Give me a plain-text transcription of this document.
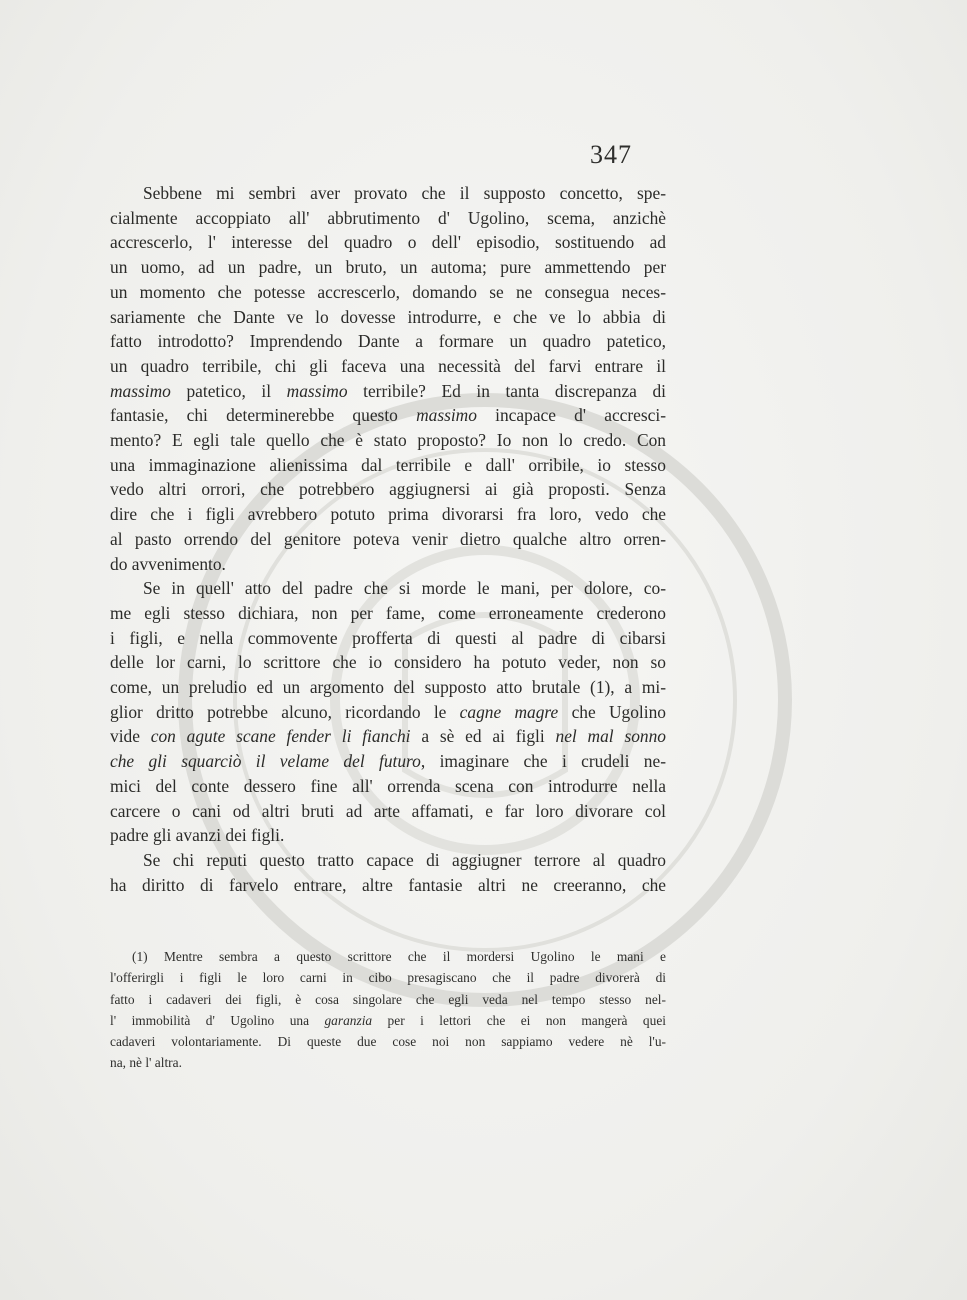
347
Sebbene mi sembri aver provato che il supposto concetto, spe-
cialmente accoppiato all' abbrutimento d' Ugolino, scema, anzichè
accrescerlo, l' interesse del quadro o dell' episodio, sostituendo ad
un uomo, ad un padre, un bruto, un automa; pure ammettendo per
un momento che potesse accrescerlo, domando se ne consegua neces-
sariamente che Dante ve lo dovesse introdurre, e che ve lo abbia di
fatto introdotto? Imprendendo Dante a formare un quadro patetico,
un quadro terribile, chi gli faceva una necessità del farvi entrare il
massimo patetico, il massimo terribile? Ed in tanta discrepanza di
fantasie, chi determinerebbe questo massimo incapace d' accresci-
mento? E egli tale quello che è stato proposto? Io non lo credo. Con
una immaginazione alienissima dal terribile e dall' orribile, io stesso
vedo altri orrori, che potrebbero aggiugnersi ai già proposti. Senza
dire che i figli avrebbero potuto prima divorarsi fra loro, vedo che
al pasto orrendo del genitore poteva venir dietro qualche altro orren-
do avvenimento.
Se in quell' atto del padre che si morde le mani, per dolore, co-
me egli stesso dichiara, non per fame, come erroneamente crederono
i figli, e nella commovente profferta di questi al padre di cibarsi
delle lor carni, lo scrittore che io considero ha potuto veder, non so
come, un preludio ed un argomento del supposto atto brutale (1), a mi-
glior dritto potrebbe alcuno, ricordando le cagne magre che Ugolino
vide con agute scane fender li fianchi a sè ed ai figli nel mal sonno
che gli squarciò il velame del futuro, imaginare che i crudeli ne-
mici del conte dessero fine all' orrenda scena con introdurre nella
carcere o cani od altri bruti ad arte affamati, e far loro divorare col
padre gli avanzi dei figli.
Se chi reputi questo tratto capace di aggiugner terrore al quadro
ha diritto di farvelo entrare, altre fantasie altri ne creeranno, che
(1) Mentre sembra a questo scrittore che il mordersi Ugolino le mani e
l'offerirgli i figli le loro carni in cibo presagiscano che il padre divorerà di
fatto i cadaveri dei figli, è cosa singolare che egli veda nel tempo stesso nel-
l' immobilità d' Ugolino una garanzia per i lettori che ei non mangerà quei
cadaveri volontariamente. Di queste due cose noi non sappiamo vedere nè l'u-
na, nè l' altra.
